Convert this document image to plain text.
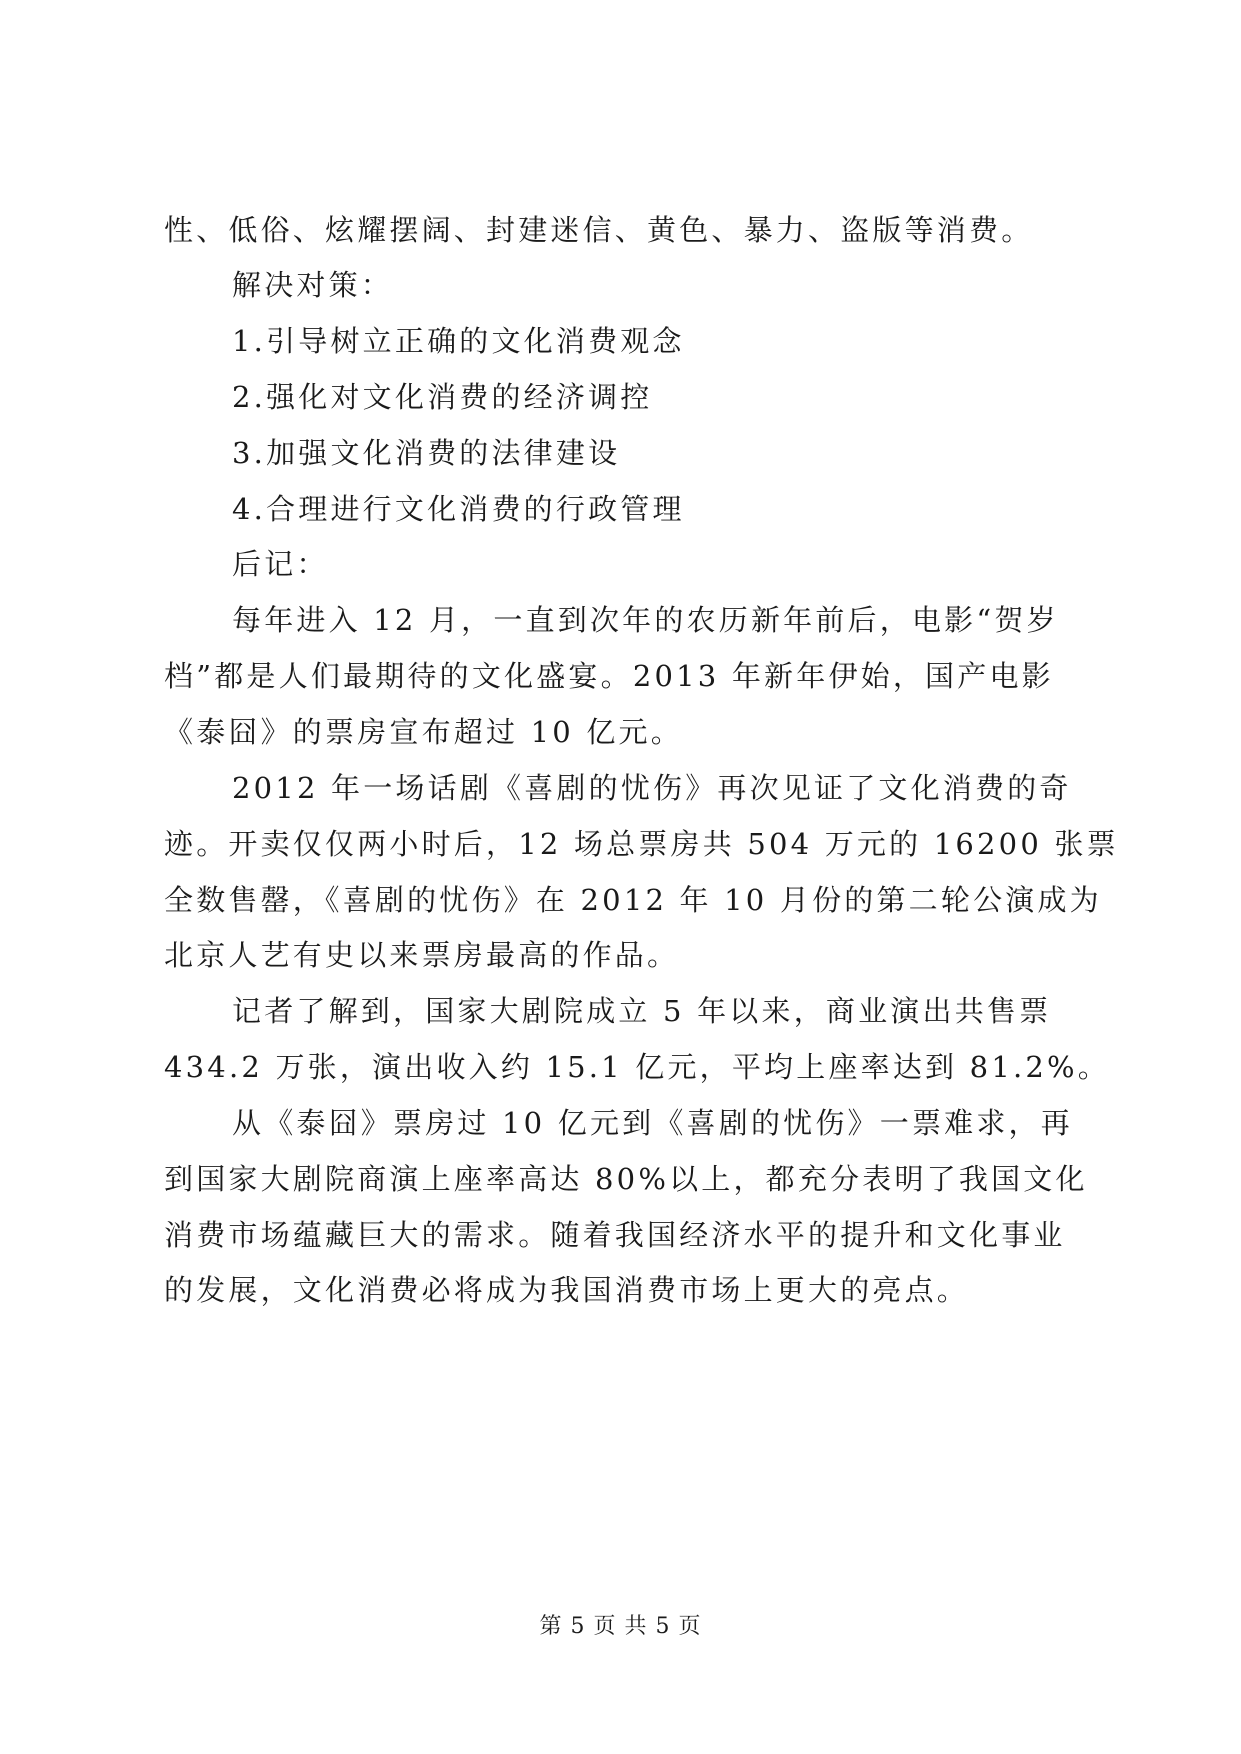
性、低俗、炫耀摆阔、封建迷信、黄色、暴力、盗版等消费。
解决对策：
1.引导树立正确的文化消费观念
2.强化对文化消费的经济调控
3.加强文化消费的法律建设
4.合理进行文化消费的行政管理
后记：
每年进入 12 月，一直到次年的农历新年前后，电影“贺岁
档”都是人们最期待的文化盛宴。2013 年新年伊始，国产电影
《泰囧》的票房宣布超过 10 亿元。
2012 年一场话剧《喜剧的忧伤》再次见证了文化消费的奇
迹。开卖仅仅两小时后，12 场总票房共 504 万元的 16200 张票
全数售罄，《喜剧的忧伤》在 2012 年 10 月份的第二轮公演成为
北京人艺有史以来票房最高的作品。
记者了解到，国家大剧院成立 5 年以来，商业演出共售票
434.2 万张，演出收入约 15.1 亿元，平均上座率达到 81.2%。
从《泰囧》票房过 10 亿元到《喜剧的忧伤》一票难求，再
到国家大剧院商演上座率高达 80%以上，都充分表明了我国文化
消费市场蕴藏巨大的需求。随着我国经济水平的提升和文化事业
的发展，文化消费必将成为我国消费市场上更大的亮点。
第 5 页 共 5 页
